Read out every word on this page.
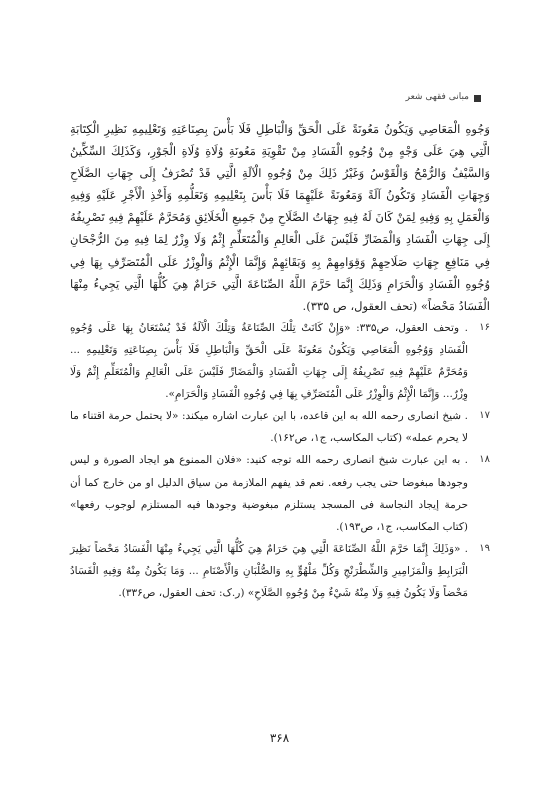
مبانی فقهی شعر

وَجُوهِ الْمَعَاصِي وَيَكُونُ مَعُونَةً عَلَى الْحَقِّ وَالْبَاطِلِ فَلَا بَأْسَ بِصِنَاعَتِهِ وَتَعْلِيمِهِ نَظِيرِ الْكِتَابَةِ الَّتِي هِيَ عَلَى وَجْهٍ مِنْ وُجُوهِ الْفَسَادِ مِنْ تَقْوِيَةِ مَعُونَةِ وُلَاةِ وُلَاةِ الْجَوْرِ، وَكَذَلِكَ السِّكِّينُ وَالسَّيْفُ وَالرُّمْحُ وَالْقَوْسُ وَغَيْرُ ذَلِكَ مِنْ وُجُوهِ الْآلَةِ الَّتِي قَدْ تُصْرَفُ إِلَى جِهَاتِ الصَّلَاحِ وَجِهَاتِ الْفَسَادِ وَتَكُونُ آلَةً وَمَعُونَةً عَلَيْهِمَا فَلَا بَأْسَ بِتَعْلِيمِهِ وَتَعَلُّمِهِ وَأَخْذِ الْأَجْرِ عَلَيْهِ وَفِيهِ وَالْعَمَلِ بِهِ وَفِيهِ لِمَنْ كَانَ لَهُ فِيهِ جِهَاتُ الصَّلَاحِ مِنْ جَمِيعِ الْخَلَائِقِ وَمُحَرَّمٌ عَلَيْهِمْ فِيهِ تَصْرِيفُهُ إِلَى جِهَاتِ الْفَسَادِ وَالْمَضَارِّ فَلَيْسَ عَلَى الْعَالِمِ وَالْمُتَعَلِّمِ إِثْمٌ وَلَا وِزْرٌ لِمَا فِيهِ مِنَ الرُّجْحَانِ فِي مَنَافِعِ جِهَاتِ صَلَاحِهِمْ وَقِوَامِهِمْ بِهِ وَبَقَائِهِمْ وَإِنَّمَا الْإِثْمُ وَالْوِزْرُ عَلَى الْمُتَصَرِّفِ بِهَا فِي وُجُوهِ الْفَسَادِ وَالْحَرَامِ وَذَلِكَ إِنَّمَا حَرَّمَ اللَّهُ الصِّنَاعَةَ الَّتِي حَرَامٌ هِيَ كُلُّهَا الَّتِي يَجِيءُ مِنْهَا الْفَسَادُ مَحْضاً» (تحف العقول، ص ۳۳۵).

۱۶
. وتحف العقول، ص۳۳۵: «وَإِنْ كَانَتْ تِلْكَ الصِّنَاعَةُ وَتِلْكَ الْآلَةُ قَدْ يُسْتَعَانُ بِهَا عَلَى وُجُوهِ الْفَسَادِ وَوُجُوهِ الْمَعَاصِي وَيَكُونُ مَعُونَةً عَلَى الْحَقِّ وَالْبَاطِلِ فَلَا بَأْسَ بِصِنَاعَتِهِ وَتَعْلِيمِهِ ... وَمُحَرَّمٌ عَلَيْهِمْ فِيهِ تَصْرِيفُهُ إِلَى جِهَاتِ الْفَسَادِ وَالْمَضَارِّ فَلَيْسَ عَلَى الْعَالِمِ وَالْمُتَعَلِّمِ إِثْمٌ وَلَا وِزْرٌ... وَإِنَّمَا الْإِثْمُ وَالْوِزْرُ عَلَى الْمُتَصَرِّفِ بِهَا فِي وُجُوهِ الْفَسَادِ وَالْحَرَامِ».
۱۷
. شیخ انصاری رحمه الله به این قاعده، با این عبارت اشاره میکند: «لا یحتمل حرمة اقتناء ما لا یحرم عمله» (کتاب المکاسب، ج۱، ص۱۶۲).
۱۸
. به این عبارت شیخ انصاری رحمه الله توجه کنید: «فلان الممنوع هو ایجاد الصورة و لیس وجودها مبغوضا حتی یجب رفعه. نعم قد یفهم الملازمة من سیاق الدلیل او من خارج کما أن حرمة إیجاد النجاسة فی المسجد یستلزم مبغوضیة وجودها فیه المستلزم لوجوب رفعها» (کتاب المکاسب، ج۱، ص۱۹۳).
۱۹
. «وَذَلِكَ إِنَّمَا حَرَّمَ اللَّهُ الصِّنَاعَةَ الَّتِي هِيَ حَرَامٌ هِيَ كُلُّهَا الَّتِي يَجِيءُ مِنْهَا الْفَسَادُ مَحْضاً نَظِيرَ الْبَرَابِطِ وَالْمَزَامِيرِ وَالشِّطْرَنْجِ وَكُلِّ مَلْهُوٍّ بِهِ وَالصُّلْبَانِ وَالْأَصْنَامِ ... وَمَا يَكُونُ مِنْهُ وَفِيهِ الْفَسَادُ مَحْضاً وَلَا يَكُونُ فِيهِ وَلَا مِنْهُ شَيْءٌ مِنْ وُجُوهِ الصَّلَاحِ» (ر.ک: تحف العقول، ص۳۳۶).
۳۶۸
